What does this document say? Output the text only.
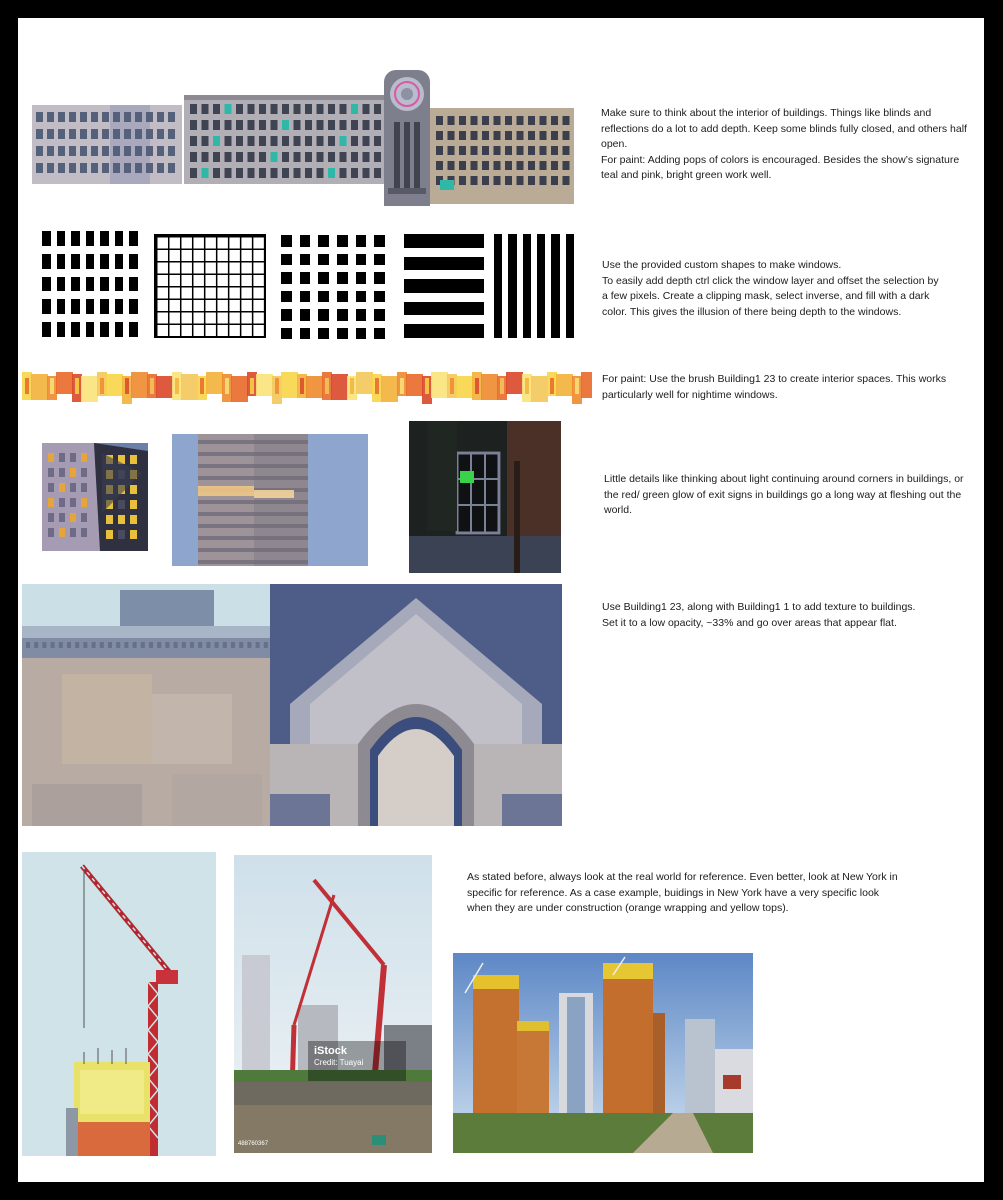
Make sure to think about the interior of buildings. Things like blinds and reflections do a lot to add depth. Keep some blinds fully closed, and others half open.
For paint: Adding pops of colors is encouraged. Besides the show’s signature teal and pink, bright green work well.
Use the provided custom shapes to make windows.
To easily add depth ctrl click the window layer and offset the selection by a few pixels. Create a clipping mask, select inverse, and fill with a dark color. This gives the illusion of there being depth to the windows.
For paint: Use the brush Building1 23 to create interior spaces. This works particularly well for nightime windows.
Little details like thinking about light continuing around corners in buildings, or the red/ green glow of exit signs in buildings go a long way at fleshing out the world.
Use Building1 23, along with Building1 1 to add texture to buildings.
Set it to a low opacity, ~33% and go over areas that appear flat.
iStock
Credit: Tuayai
488760367
As stated before, always look at the real world for reference. Even better, look at New York in specific for reference. As a case example, buidings in New York have a very specific look when they are under construction (orange wrapping and yellow tops).
